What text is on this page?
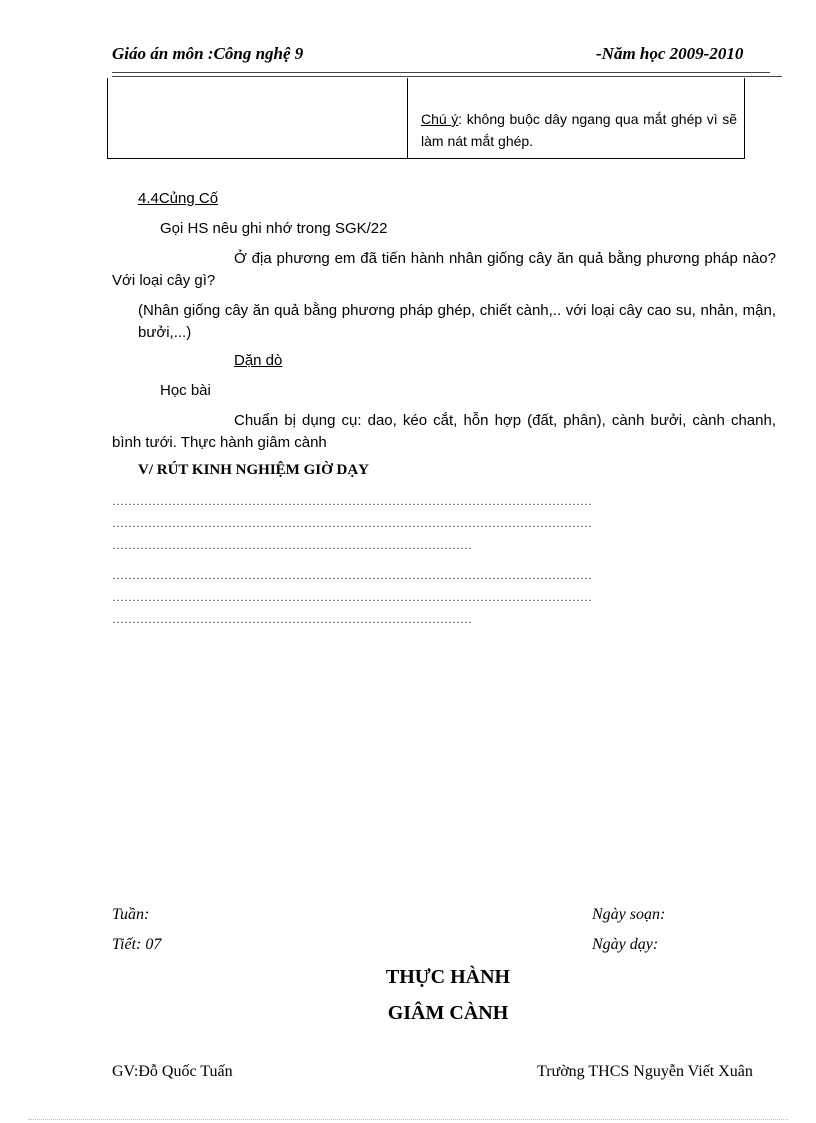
Giáo án môn :Công nghệ 9	-Năm học 2009-2010
Chú ý: không buộc dây ngang qua mắt ghép vì sẽ làm nát mắt ghép.
4.4Củng Cố
Gọi HS nêu ghi nhớ trong SGK/22
Ở địa phương em đã tiến hành nhân giống cây ăn quả bằng phương pháp nào? Với loại cây gì?
(Nhân giống cây ăn quả bằng phương pháp ghép, chiết cành,.. với loại cây cao su, nhản, mận, bưởi,...)
Dặn dò
Học bài
Chuẩn bị dụng cụ: dao, kéo cắt, hỗn hợp (đất, phân), cành bưởi, cành chanh, bình tưới. Thực hành giâm cành
V/ RÚT KINH NGHIỆM GIỜ DẠY
…………………………………………………………………………………………………………
…………………………………………………………………………………………………………
………………………………………………………………………………
…………………………………………………………………………………………………………
…………………………………………………………………………………………………………
………………………………………………………………………………
Tuần:	Ngày soạn:
Tiết: 07	Ngày dạy:
THỰC HÀNH
GIÂM CÀNH
GV:Đỗ Quốc Tuấn	Trường THCS Nguyễn Viết Xuân
